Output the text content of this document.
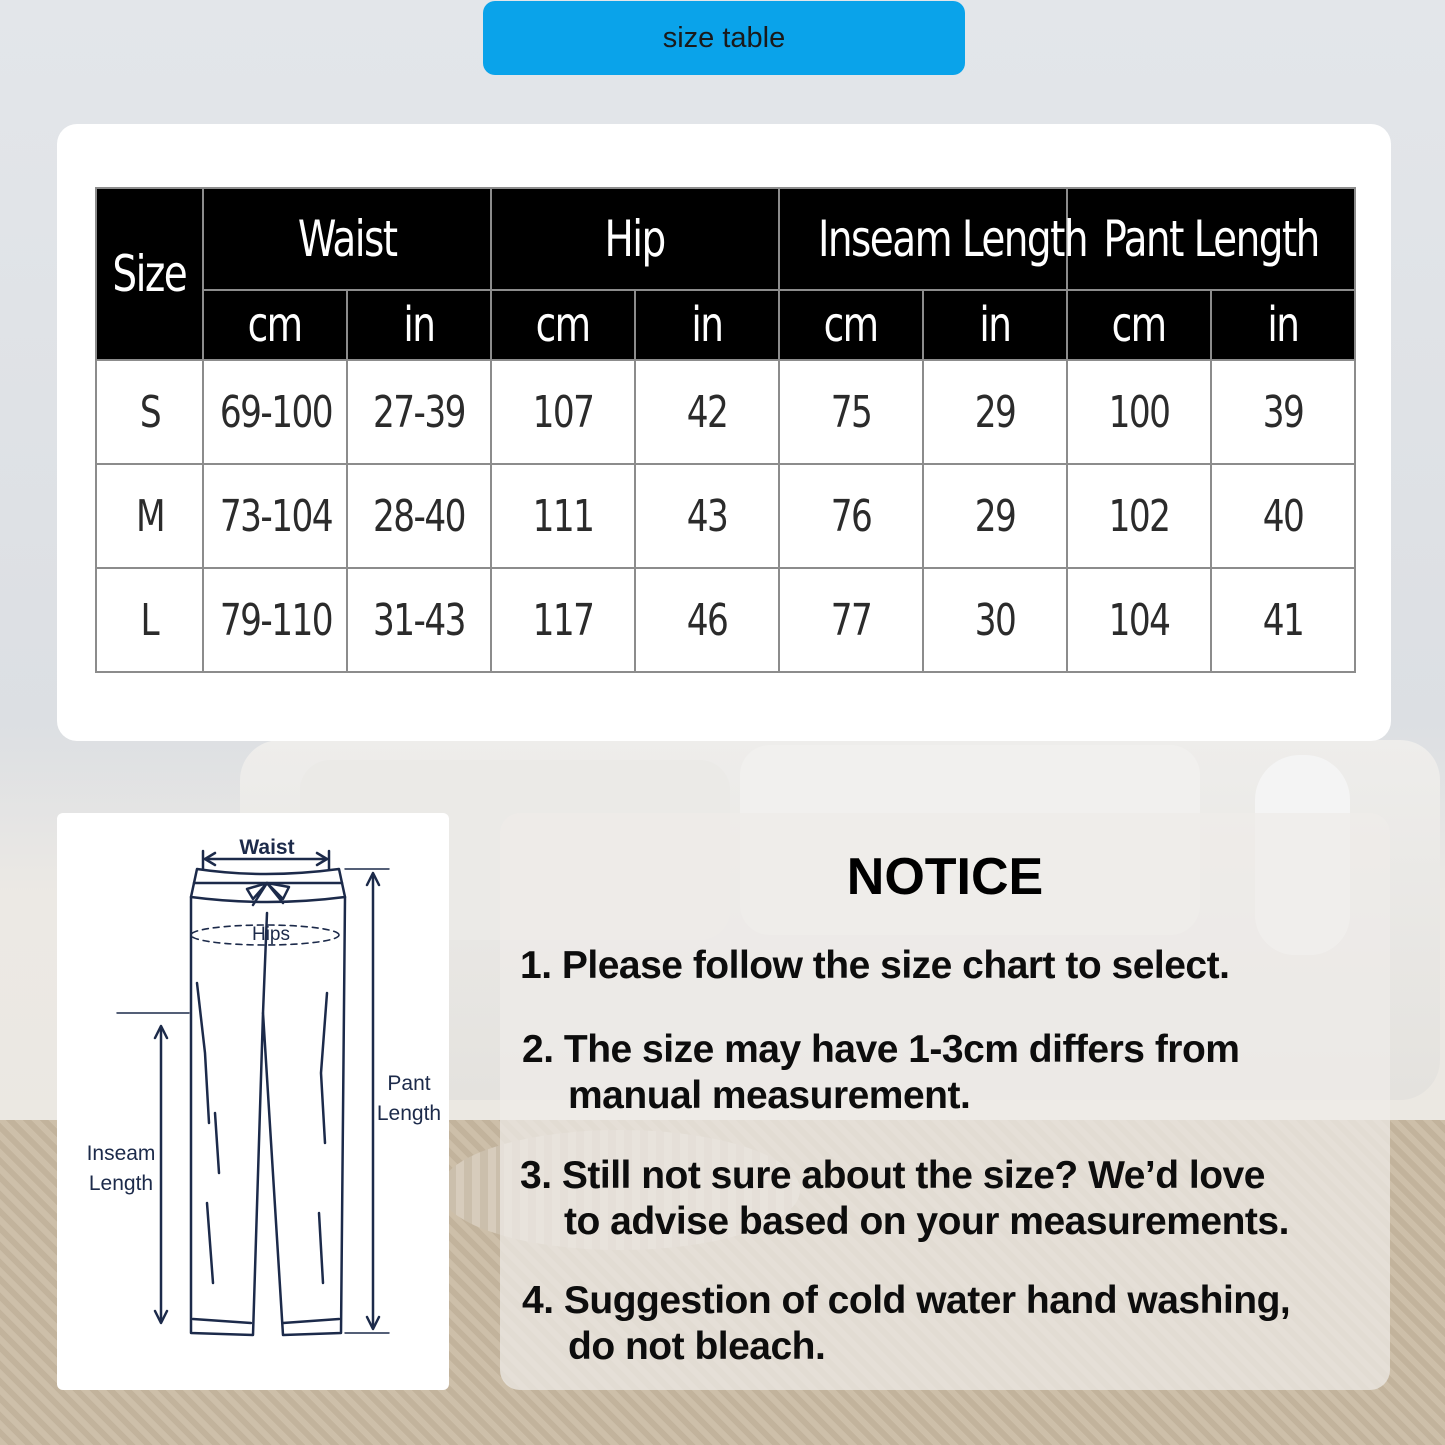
size table
Size	Waist		Hip		Inseam Length		Pant Length	
	cm	in	cm	in	cm	in	cm	in
S	69-100	27-39	107	42	75	29	100	39
M	73-104	28-40	111	43	76	29	102	40
L	79-110	31-43	117	46	77	30	104	41
Waist
Hips
Inseam
Length
Pant
Length
NOTICE
1. Please follow the size chart to select.
2. The size may have 1-3cm differs from
manual measurement.
3. Still not sure about the size? We’d love
to advise based on your measurements.
4. Suggestion of cold water hand washing,
do not bleach.
